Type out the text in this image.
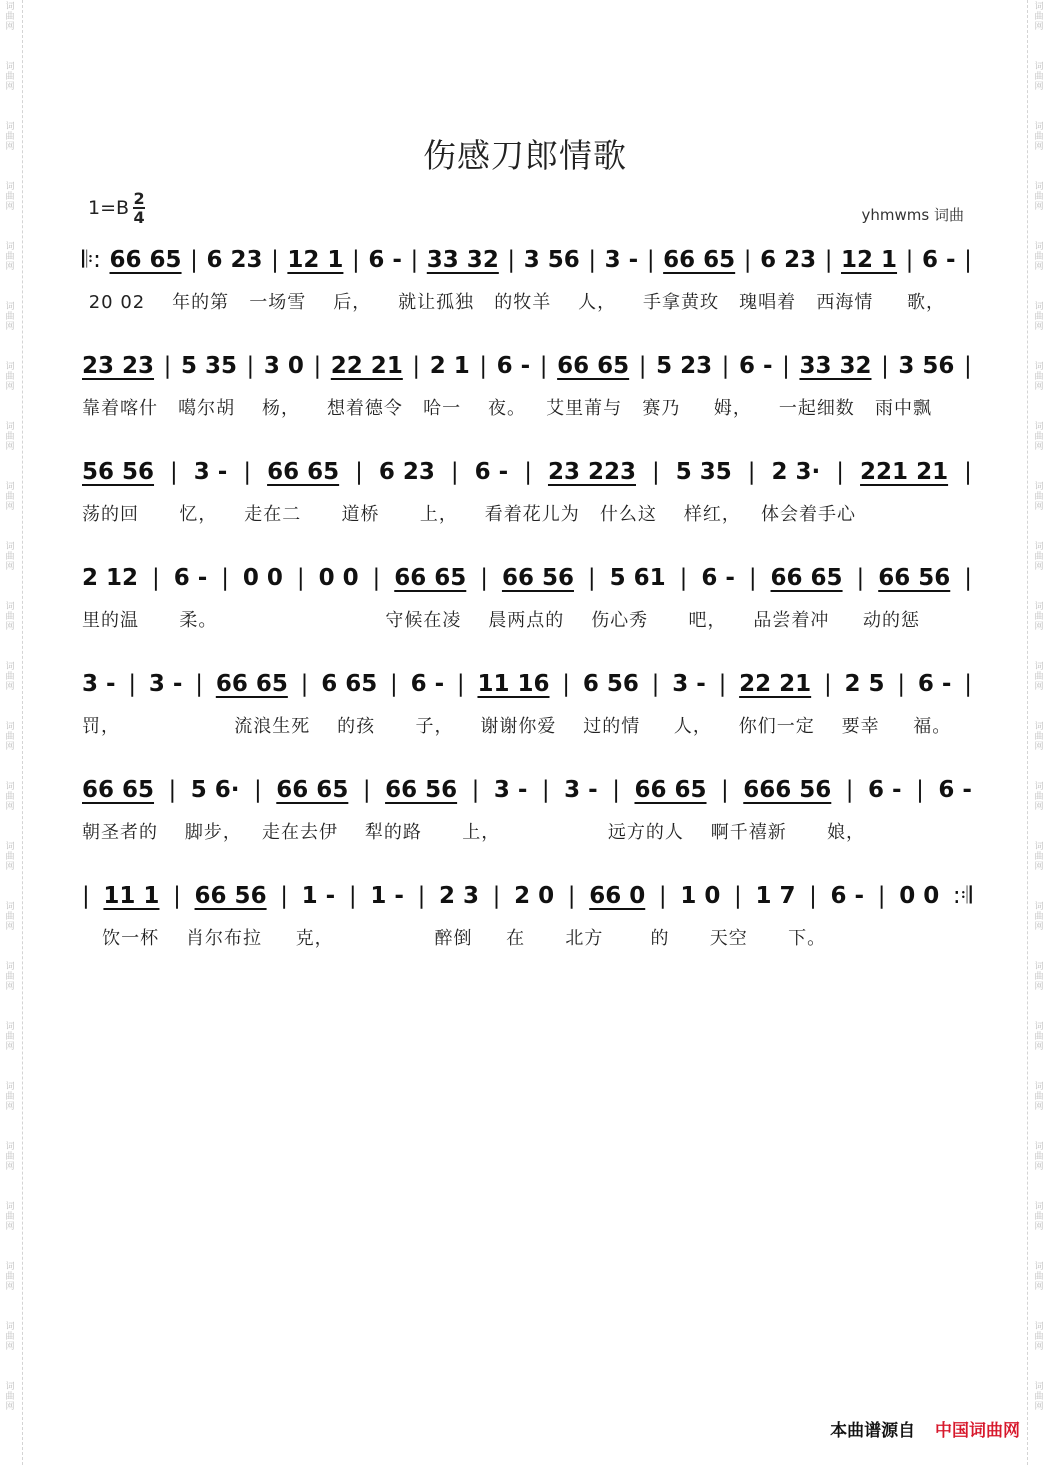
词
曲
网
词
曲
网
词
曲
网
词
曲
网
词
曲
网
词
曲
网
词
曲
网
词
曲
网
词
曲
网
词
曲
网
词
曲
网
词
曲
网
词
曲
网
词
曲
网
词
曲
网
词
曲
网
词
曲
网
词
曲
网
词
曲
网
词
曲
网
词
曲
网
词
曲
网
词
曲
网
词
曲
网
词
曲
网
词
曲
网
词
曲
网
词
曲
网
词
曲
网
词
曲
网
词
曲
网
词
曲
网
词
曲
网
词
曲
网
词
曲
网
词
曲
网
词
曲
网
词
曲
网
词
曲
网
词
曲
网
词
曲
网
词
曲
网
词
曲
网
词
曲
网
词
曲
网
词
曲
网
词
曲
网
词
曲
网
伤感刀郎情歌
$1=B \frac{2}{4}$	yhmwms 词曲
𝄆: 66 65 | 6 23 | 12 1 | 6 - | 33 32 | 3 56 | 3 - | 66 65 | 6 23 | 12 1 | 6 - |
20 02    年的第   一场雪    后，    就让孤独   的牧羊    人，    手拿黄玫   瑰唱着   西海情     歌，
23 23 | 5 35 | 3 0 | 22 21 | 2 1 | 6 - | 66 65 | 5 23 | 6 - | 33 32 | 3 56 |
靠着喀什   噶尔胡    杨，    想着德令   哈一    夜。   艾里莆与   赛乃     姆，    一起细数   雨中飘
56 56 | 3 - | 66 65 | 6 23 | 6 - | 23 223 | 5 35 | 2 3· | 221 21 |
荡的回      忆，    走在二      道桥      上，    看着花儿为   什么这    样红，   体会着手心
2 12 | 6 - | 0 0 | 0 0 | 66 65 | 66 56 | 5 61 | 6 - | 66 65 | 66 56 |
里的温      柔。                         守候在凌    晨两点的    伤心秀      吧，    品尝着冲     动的惩
3 - | 3 - | 66 65 | 6 65 | 6 - | 11 16 | 6 56 | 3 - | 22 21 | 2 5 | 6 - |
罚，                 流浪生死    的孩      子，    谢谢你爱    过的情     人，    你们一定    要幸     福。
66 65 | 5 6· | 66 65 | 66 56 | 3 - | 3 - | 66 65 | 666 56 | 6 - | 6 -
朝圣者的    脚步，   走在去伊    犁的路      上，                远方的人    啊千禧新      娘，
| 11 1 | 66 56 | 1 - | 1 - | 2 3 | 2 0 | 66 0 | 1 0 | 1 7 | 6 - | 0 0 :𝄇
饮一杯    肖尔布拉     克，               醉倒     在      北方       的      天空      下。
本曲谱源自 中国词曲网
